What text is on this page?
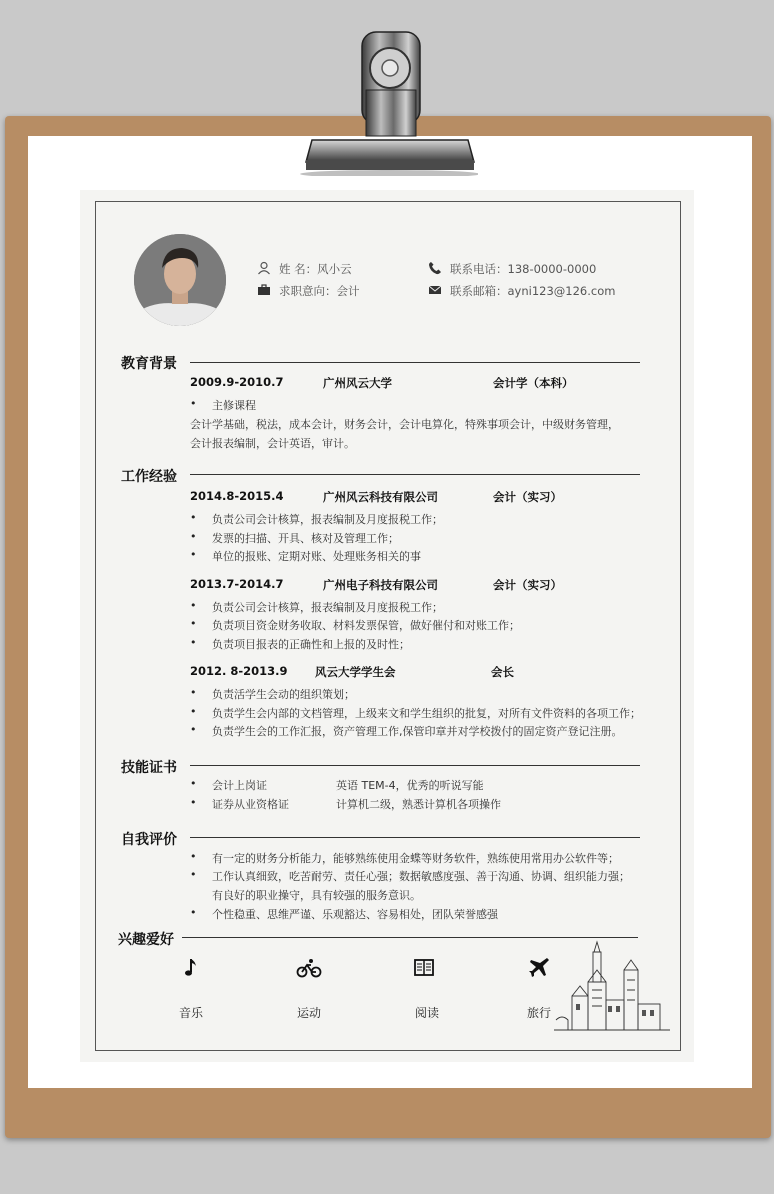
姓 名：风小云
求职意向：会计
联系电话：138-0000-0000
联系邮箱：ayni123@126.com
教育背景
2009.9-2010.7	广州风云大学	会计学（本科）
• 主修课程
会计学基础，税法，成本会计，财务会计，会计电算化，特殊事项会计，中级财务管理，
会计报表编制，会计英语，审计。
工作经验
2014.8-2015.4	广州风云科技有限公司	会计（实习）
• 负责公司会计核算，报表编制及月度报税工作；
• 发票的扫描、开具、核对及管理工作；
• 单位的报账、定期对账、处理账务相关的事
2013.7-2014.7	广州电子科技有限公司	会计（实习）
• 负责公司会计核算，报表编制及月度报税工作；
• 负责项目资金财务收取、材料发票保管，做好催付和对账工作；
• 负责项目报表的正确性和上报的及时性；
2012. 8-2013.9 风云大学学生会	会长
• 负责活学生会动的组织策划；
• 负责学生会内部的文档管理，上级来文和学生组织的批复，对所有文件资料的各项工作；
• 负责学生会的工作汇报，资产管理工作,保管印章并对学校拨付的固定资产登记注册。
技能证书
• 会计上岗证	英语 TEM-4，优秀的听说写能
• 证券从业资格证	计算机二级，熟悉计算机各项操作
自我评价
• 有一定的财务分析能力，能够熟练使用金蝶等财务软件，熟练使用常用办公软件等；
• 工作认真细致，吃苦耐劳、责任心强；数据敏感度强、善于沟通、协调、组织能力强；
有良好的职业操守，具有较强的服务意识。
• 个性稳重、思维严谨、乐观豁达、容易相处，团队荣誉感强
兴趣爱好
音乐	运动	阅读	旅行
